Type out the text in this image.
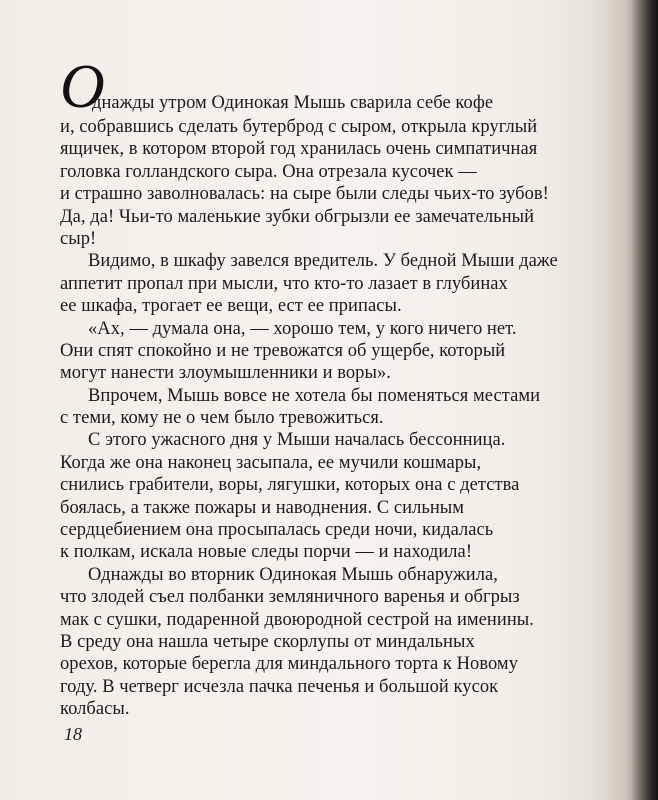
О
днажды утром Одинокая Мышь сварила себе кофе
и, собравшись сделать бутерброд с сыром, открыла круглый
ящичек, в котором второй год хранилась очень симпатичная
головка голландского сыра. Она отрезала кусочек —
и страшно заволновалась: на сыре были следы чьих-то зубов!
Да, да! Чьи-то маленькие зубки обгрызли ее замечательный
сыр!
Видимо, в шкафу завелся вредитель. У бедной Мыши даже
аппетит пропал при мысли, что кто-то лазает в глубинах
ее шкафа, трогает ее вещи, ест ее припасы.
«Ах, — думала она, — хорошо тем, у кого ничего нет.
Они спят спокойно и не тревожатся об ущербе, который
могут нанести злоумышленники и воры».
Впрочем, Мышь вовсе не хотела бы поменяться местами
с теми, кому не о чем было тревожиться.
С этого ужасного дня у Мыши началась бессонница.
Когда же она наконец засыпала, ее мучили кошмары,
снились грабители, воры, лягушки, которых она с детства
боялась, а также пожары и наводнения. С сильным
сердцебиением она просыпалась среди ночи, кидалась
к полкам, искала новые следы порчи — и находила!
Однажды во вторник Одинокая Мышь обнаружила,
что злодей съел полбанки земляничного варенья и обгрыз
мак с сушки, подаренной двоюродной сестрой на именины.
В среду она нашла четыре скорлупы от миндальных
орехов, которые берегла для миндального торта к Новому
году. В четверг исчезла пачка печенья и большой кусок
колбасы.
18
